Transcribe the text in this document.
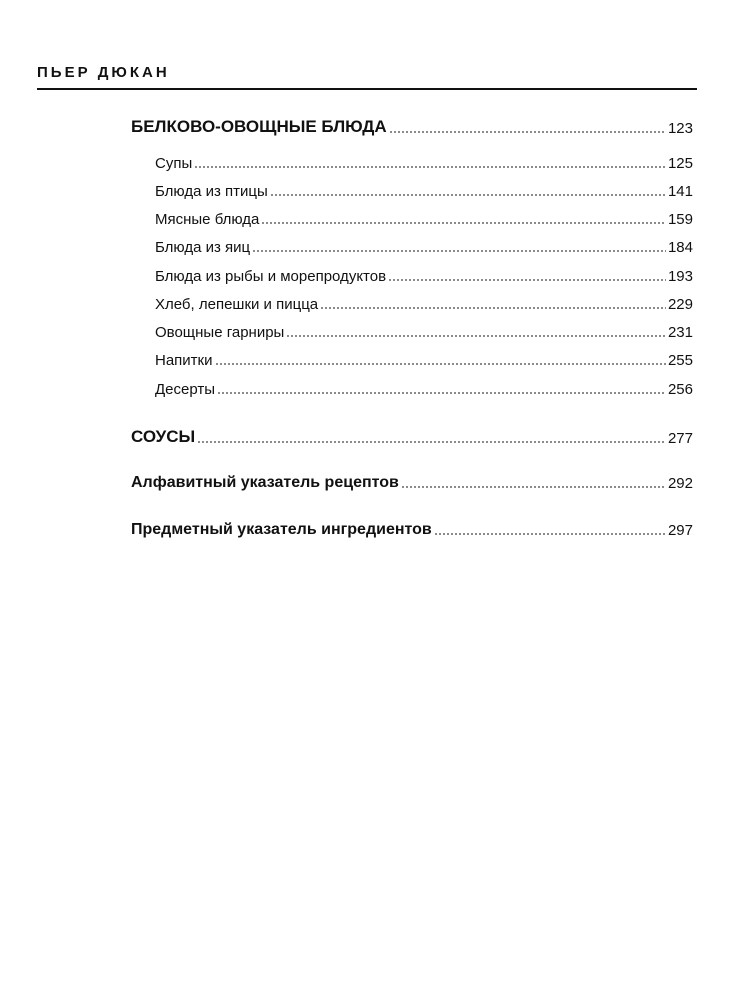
ПЬЕР ДЮКАН
БЕЛКОВО-ОВОЩНЫЕ БЛЮДА	123
Супы	125
Блюда из птицы	141
Мясные блюда	159
Блюда из яиц	184
Блюда из рыбы и морепродуктов	193
Хлеб, лепешки и пицца	229
Овощные гарниры	231
Напитки	255
Десерты	256
СОУСЫ	277
Алфавитный указатель рецептов	292
Предметный указатель ингредиентов	297
